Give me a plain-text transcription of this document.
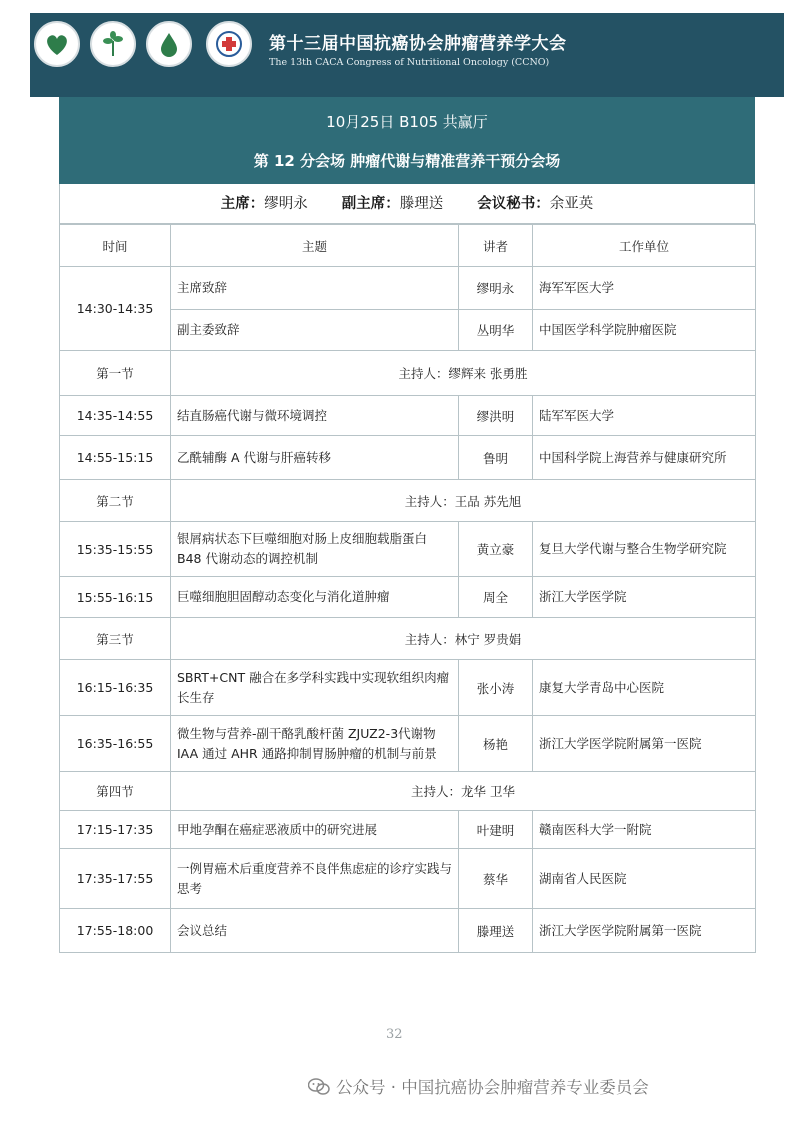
第十三届中国抗癌协会肿瘤营养学大会
The 13th CACA Congress of Nutritional Oncology (CCNO)
10月25日 B105 共赢厅
第 12 分会场 肿瘤代谢与精准营养干预分会场
主席：缪明永 副主席：滕理送 会议秘书：余亚英
时间	主题	讲者	工作单位
14:30-14:35	主席致辞	缪明永	海军军医大学
	副主委致辞	丛明华	中国医学科学院肿瘤医院
第一节	主持人：缪辉来 张勇胜		
14:35-14:55	结直肠癌代谢与微环境调控	缪洪明	陆军军医大学
14:55-15:15	乙酰辅酶 A 代谢与肝癌转移	鲁明	中国科学院上海营养与健康研究所
第二节	主持人：王品 苏先旭		
15:35-15:55	银屑病状态下巨噬细胞对肠上皮细胞载脂蛋白 B48 代谢动态的调控机制	黄立豪	复旦大学代谢与整合生物学研究院
15:55-16:15	巨噬细胞胆固醇动态变化与消化道肿瘤	周全	浙江大学医学院
第三节	主持人：林宁 罗贵娟		
16:15-16:35	SBRT+CNT 融合在多学科实践中实现软组织肉瘤长生存	张小涛	康复大学青岛中心医院
16:35-16:55	微生物与营养-副干酪乳酸杆菌 ZJUZ2-3代谢物 IAA 通过 AHR 通路抑制胃肠肿瘤的机制与前景	杨艳	浙江大学医学院附属第一医院
第四节	主持人：龙华 卫华		
17:15-17:35	甲地孕酮在癌症恶液质中的研究进展	叶建明	赣南医科大学一附院
17:35-17:55	一例胃癌术后重度营养不良伴焦虑症的诊疗实践与思考	蔡华	湖南省人民医院
17:55-18:00	会议总结	滕理送	浙江大学医学院附属第一医院
32
公众号 · 中国抗癌协会肿瘤营养专业委员会
